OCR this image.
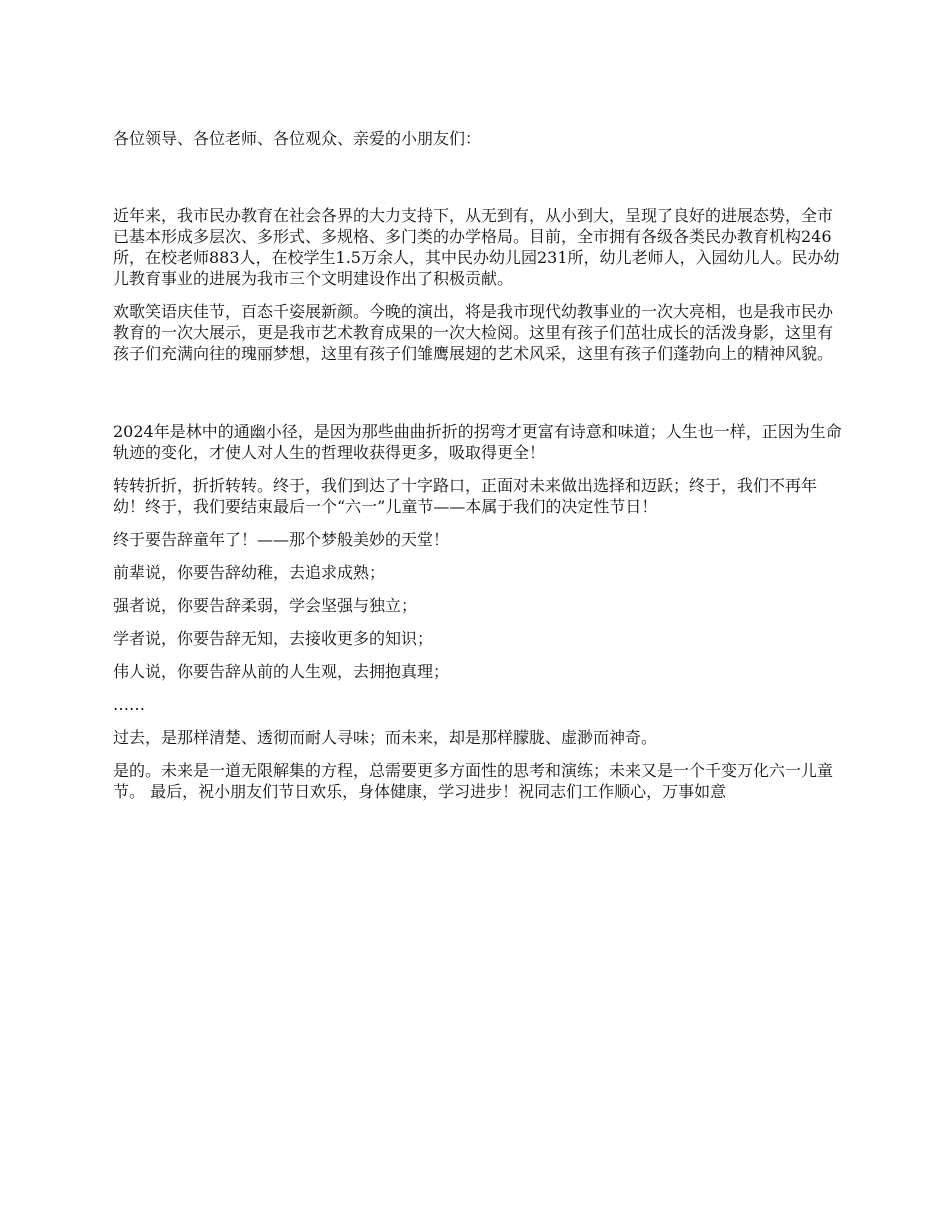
各位领导、各位老师、各位观众、亲爱的小朋友们：

近年来，我市民办教育在社会各界的大力支持下，从无到有，从小到大，呈现了良好的进展态势，全市已基本形成多层次、多形式、多规格、多门类的办学格局。目前，全市拥有各级各类民办教育机构246所，在校老师883人，在校学生1.5万余人，其中民办幼儿园231所，幼儿老师人，入园幼儿人。民办幼儿教育事业的进展为我市三个文明建设作出了积极贡献。

欢歌笑语庆佳节，百态千姿展新颜。今晚的演出，将是我市现代幼教事业的一次大亮相，也是我市民办教育的一次大展示，更是我市艺术教育成果的一次大检阅。这里有孩子们茁壮成长的活泼身影，这里有孩子们充满向往的瑰丽梦想，这里有孩子们雏鹰展翅的艺术风采，这里有孩子们蓬勃向上的精神风貌。

2024年是林中的通幽小径，是因为那些曲曲折折的拐弯才更富有诗意和味道；人生也一样，正因为生命轨迹的变化，才使人对人生的哲理收获得更多，吸取得更全！

转转折折，折折转转。终于，我们到达了十字路口，正面对未来做出选择和迈跃；终于，我们不再年幼！终于，我们要结束最后一个“六一”儿童节——本属于我们的决定性节日！

终于要告辞童年了！——那个梦般美妙的天堂！

前辈说，你要告辞幼稚，去追求成熟；

强者说，你要告辞柔弱，学会坚强与独立；

学者说，你要告辞无知，去接收更多的知识；

伟人说，你要告辞从前的人生观，去拥抱真理；

……

过去，是那样清楚、透彻而耐人寻味；而未来，却是那样朦胧、虚渺而神奇。

是的。未来是一道无限解集的方程，总需要更多方面性的思考和演练；未来又是一个千变万化六一儿童节。 最后，祝小朋友们节日欢乐，身体健康，学习进步！祝同志们工作顺心，万事如意
